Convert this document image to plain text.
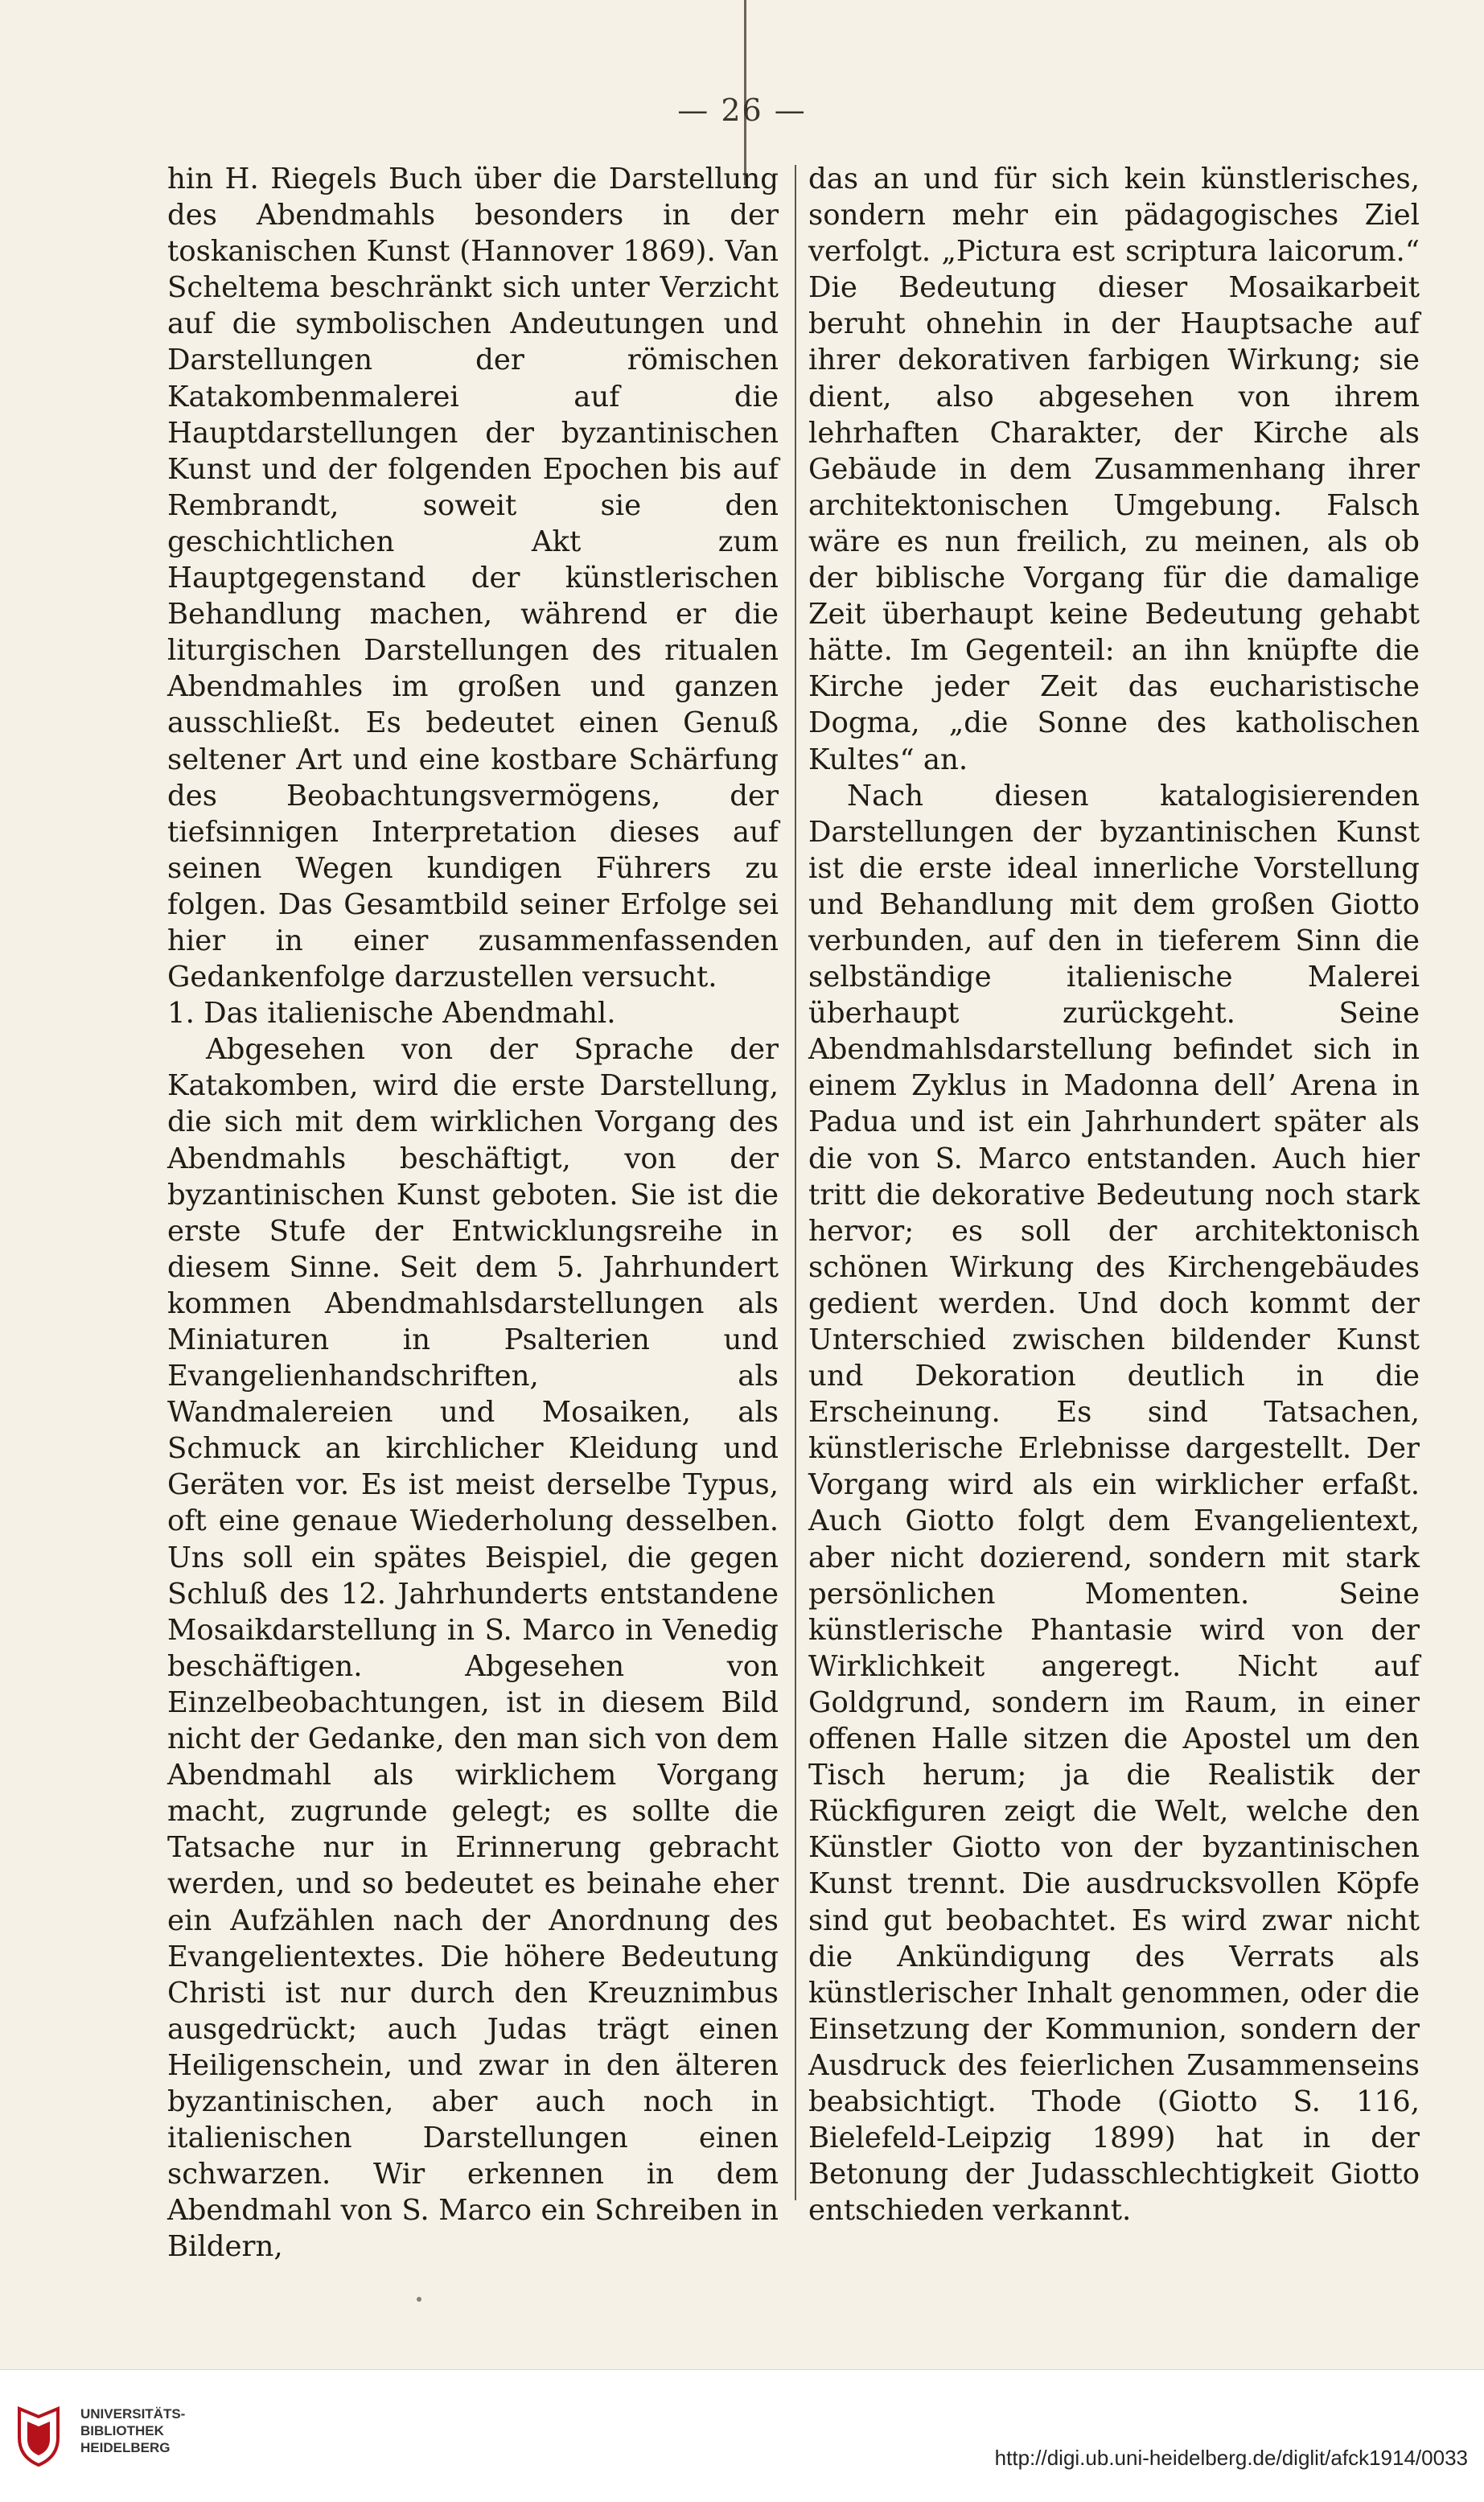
— 26 —

hin H. Riegels Buch über die Darstellung des Abendmahls besonders in der toskanischen Kunst (Hannover 1869). Van Scheltema beschränkt sich unter Verzicht auf die symbolischen Andeutungen und Darstellungen der römischen Katakombenmalerei auf die Hauptdarstellungen der byzantinischen Kunst und der folgenden Epochen bis auf Rembrandt, soweit sie den geschichtlichen Akt zum Hauptgegenstand der künstlerischen Behandlung machen, während er die liturgischen Darstellungen des ritualen Abendmahles im großen und ganzen ausschließt. Es bedeutet einen Genuß seltener Art und eine kostbare Schärfung des Beobachtungsvermögens, der tiefsinnigen Interpretation dieses auf seinen Wegen kundigen Führers zu folgen. Das Gesamtbild seiner Erfolge sei hier in einer zusammenfassenden Gedankenfolge darzustellen versucht.

1. Das italienische Abendmahl.

Abgesehen von der Sprache der Katakomben, wird die erste Darstellung, die sich mit dem wirklichen Vorgang des Abendmahls beschäftigt, von der byzantinischen Kunst geboten. Sie ist die erste Stufe der Entwicklungsreihe in diesem Sinne. Seit dem 5. Jahrhundert kommen Abendmahlsdarstellungen als Miniaturen in Psalterien und Evangelienhandschriften, als Wandmalereien und Mosaiken, als Schmuck an kirchlicher Kleidung und Geräten vor. Es ist meist derselbe Typus, oft eine genaue Wiederholung desselben. Uns soll ein spätes Beispiel, die gegen Schluß des 12. Jahrhunderts entstandene Mosaikdarstellung in S. Marco in Venedig beschäftigen. Abgesehen von Einzelbeobachtungen, ist in diesem Bild nicht der Gedanke, den man sich von dem Abendmahl als wirklichem Vorgang macht, zugrunde gelegt; es sollte die Tatsache nur in Erinnerung gebracht werden, und so bedeutet es beinahe eher ein Aufzählen nach der Anordnung des Evangelientextes. Die höhere Bedeutung Christi ist nur durch den Kreuznimbus ausgedrückt; auch Judas trägt einen Heiligenschein, und zwar in den älteren byzantinischen, aber auch noch in italienischen Darstellungen einen schwarzen. Wir erkennen in dem Abendmahl von S. Marco ein Schreiben in Bildern,

das an und für sich kein künstlerisches, sondern mehr ein pädagogisches Ziel verfolgt. „Pictura est scriptura laicorum.“ Die Bedeutung dieser Mosaikarbeit beruht ohnehin in der Hauptsache auf ihrer dekorativen farbigen Wirkung; sie dient, also abgesehen von ihrem lehrhaften Charakter, der Kirche als Gebäude in dem Zusammenhang ihrer architektonischen Umgebung. Falsch wäre es nun freilich, zu meinen, als ob der biblische Vorgang für die damalige Zeit überhaupt keine Bedeutung gehabt hätte. Im Gegenteil: an ihn knüpfte die Kirche jeder Zeit das eucharistische Dogma, „die Sonne des katholischen Kultes“ an.

Nach diesen katalogisierenden Darstellungen der byzantinischen Kunst ist die erste ideal innerliche Vorstellung und Behandlung mit dem großen Giotto verbunden, auf den in tieferem Sinn die selbständige italienische Malerei überhaupt zurückgeht. Seine Abendmahlsdarstellung befindet sich in einem Zyklus in Madonna dell’ Arena in Padua und ist ein Jahrhundert später als die von S. Marco entstanden. Auch hier tritt die dekorative Bedeutung noch stark hervor; es soll der architektonisch schönen Wirkung des Kirchengebäudes gedient werden. Und doch kommt der Unterschied zwischen bildender Kunst und Dekoration deutlich in die Erscheinung. Es sind Tatsachen, künstlerische Erlebnisse dargestellt. Der Vorgang wird als ein wirklicher erfaßt. Auch Giotto folgt dem Evangelientext, aber nicht dozierend, sondern mit stark persönlichen Momenten. Seine künstlerische Phantasie wird von der Wirklichkeit angeregt. Nicht auf Goldgrund, sondern im Raum, in einer offenen Halle sitzen die Apostel um den Tisch herum; ja die Realistik der Rückfiguren zeigt die Welt, welche den Künstler Giotto von der byzantinischen Kunst trennt. Die ausdrucksvollen Köpfe sind gut beobachtet. Es wird zwar nicht die Ankündigung des Verrats als künstlerischer Inhalt genommen, oder die Einsetzung der Kommunion, sondern der Ausdruck des feierlichen Zusammenseins beabsichtigt. Thode (Giotto S. 116, Bielefeld-Leipzig 1899) hat in der Betonung der Judasschlechtigkeit Giotto entschieden verkannt.

UNIVERSITÄTS-
BIBLIOTHEK
HEIDELBERG	http://digi.ub.uni-heidelberg.de/diglit/afck1914/0033
